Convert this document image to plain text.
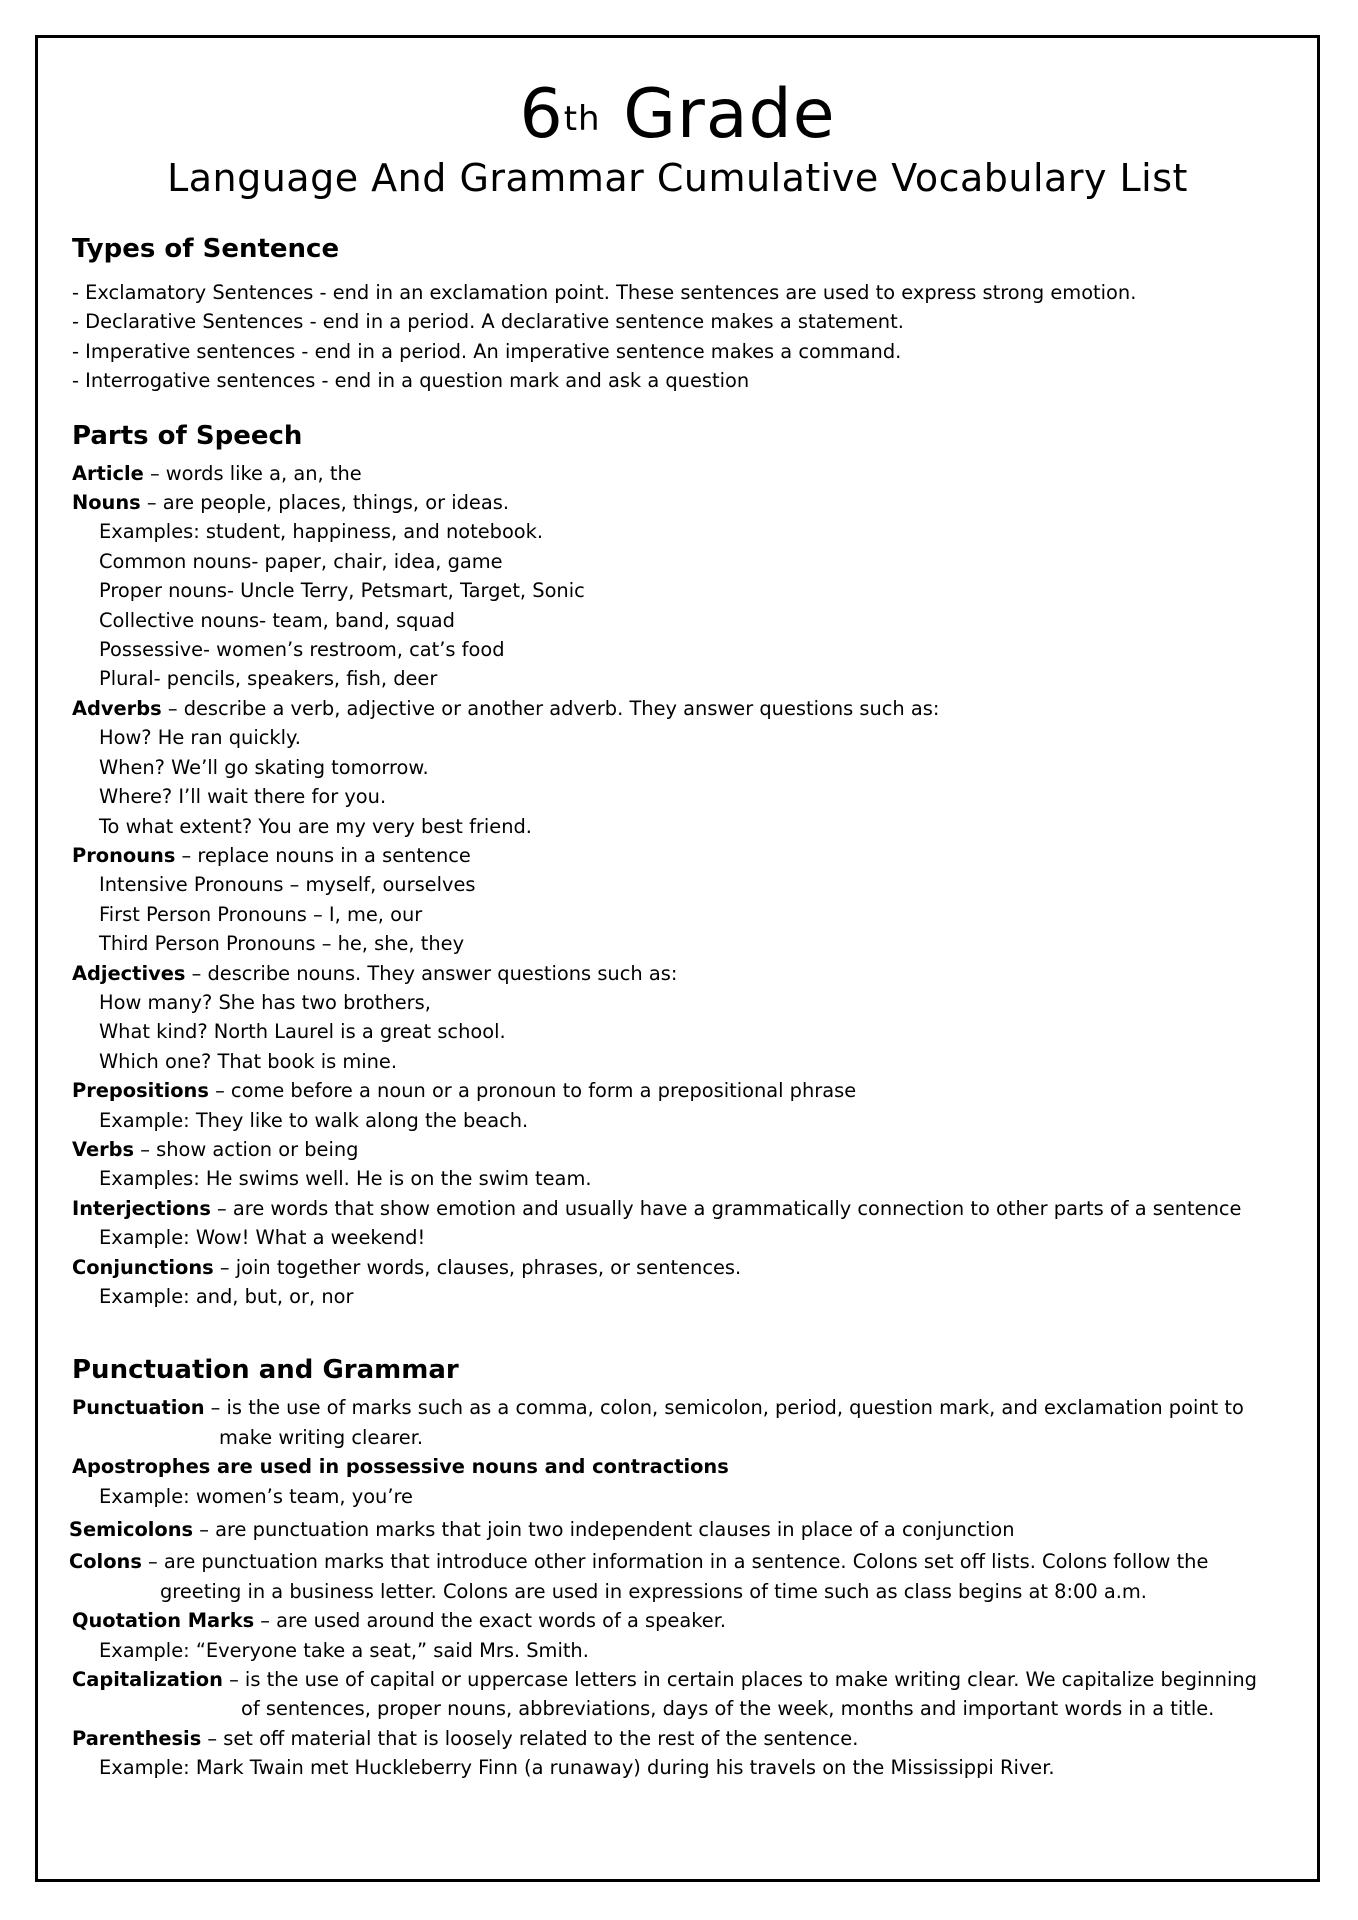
6th Grade
Language And Grammar Cumulative Vocabulary List
Types of Sentence
- Exclamatory Sentences - end in an exclamation point. These sentences are used to express strong emotion.
- Declarative Sentences - end in a period. A declarative sentence makes a statement.
- Imperative sentences - end in a period. An imperative sentence makes a command.
- Interrogative sentences - end in a question mark and ask a question
Parts of Speech
Article – words like a, an, the
Nouns – are people, places, things, or ideas.
Examples: student, happiness, and notebook.
Common nouns- paper, chair, idea, game
Proper nouns- Uncle Terry, Petsmart, Target, Sonic
Collective nouns- team, band, squad
Possessive- women’s restroom, cat’s food
Plural- pencils, speakers, fish, deer
Adverbs – describe a verb, adjective or another adverb. They answer questions such as:
How? He ran quickly.
When? We’ll go skating tomorrow.
Where? I’ll wait there for you.
To what extent? You are my very best friend.
Pronouns – replace nouns in a sentence
Intensive Pronouns – myself, ourselves
First Person Pronouns – I, me, our
Third Person Pronouns – he, she, they
Adjectives – describe nouns. They answer questions such as:
How many? She has two brothers,
What kind? North Laurel is a great school.
Which one? That book is mine.
Prepositions – come before a noun or a pronoun to form a prepositional phrase
Example: They like to walk along the beach.
Verbs – show action or being
Examples: He swims well. He is on the swim team.
Interjections – are words that show emotion and usually have a grammatically connection to other parts of a sentence
Example: Wow! What a weekend!
Conjunctions – join together words, clauses, phrases, or sentences.
Example: and, but, or, nor
Punctuation and Grammar
Punctuation – is the use of marks such as a comma, colon, semicolon, period, question mark, and exclamation point to
make writing clearer.
Apostrophes are used in possessive nouns and contractions
Example: women’s team, you’re
Semicolons – are punctuation marks that join two independent clauses in place of a conjunction
Colons – are punctuation marks that introduce other information in a sentence. Colons set off lists. Colons follow the
greeting in a business letter. Colons are used in expressions of time such as class begins at 8:00 a.m.
Quotation Marks – are used around the exact words of a speaker.
Example: “Everyone take a seat,” said Mrs. Smith.
Capitalization – is the use of capital or uppercase letters in certain places to make writing clear. We capitalize beginning
of sentences, proper nouns, abbreviations, days of the week, months and important words in a title.
Parenthesis – set off material that is loosely related to the rest of the sentence.
Example: Mark Twain met Huckleberry Finn (a runaway) during his travels on the Mississippi River.
